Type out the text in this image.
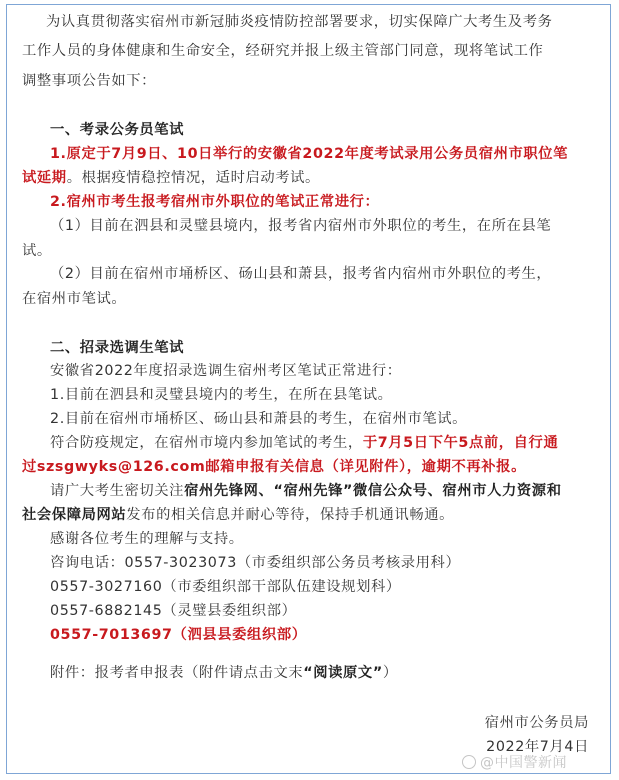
为认真贯彻落实宿州市新冠肺炎疫情防控部署要求，切实保障广大考生及考务
工作人员的身体健康和生命安全，经研究并报上级主管部门同意，现将笔试工作
调整事项公告如下：
一、考录公务员笔试
1.原定于7月9日、10日举行的安徽省2022年度考试录用公务员宿州市职位笔
试延期。根据疫情稳控情况，适时启动考试。
2.宿州市考生报考宿州市外职位的笔试正常进行：
（1）目前在泗县和灵璧县境内，报考省内宿州市外职位的考生，在所在县笔
试。
（2）目前在宿州市埇桥区、砀山县和萧县，报考省内宿州市外职位的考生，
在宿州市笔试。
二、招录选调生笔试
安徽省2022年度招录选调生宿州考区笔试正常进行：
1.目前在泗县和灵璧县境内的考生，在所在县笔试。
2.目前在宿州市埇桥区、砀山县和萧县的考生，在宿州市笔试。
符合防疫规定，在宿州市境内参加笔试的考生，于7月5日下午5点前，自行通
过szsgwyks@126.com邮箱申报有关信息（详见附件），逾期不再补报。
请广大考生密切关注宿州先锋网、“宿州先锋”微信公众号、宿州市人力资源和
社会保障局网站发布的相关信息并耐心等待，保持手机通讯畅通。
感谢各位考生的理解与支持。
咨询电话：0557-3023073（市委组织部公务员考核录用科）
0557-3027160（市委组织部干部队伍建设规划科）
0557-6882145（灵璧县委组织部）
0557-7013697（泗县县委组织部）
附件：报考者申报表（附件请点击文末“阅读原文”）
宿州市公务员局
2022年7月4日
@中国警新闻
